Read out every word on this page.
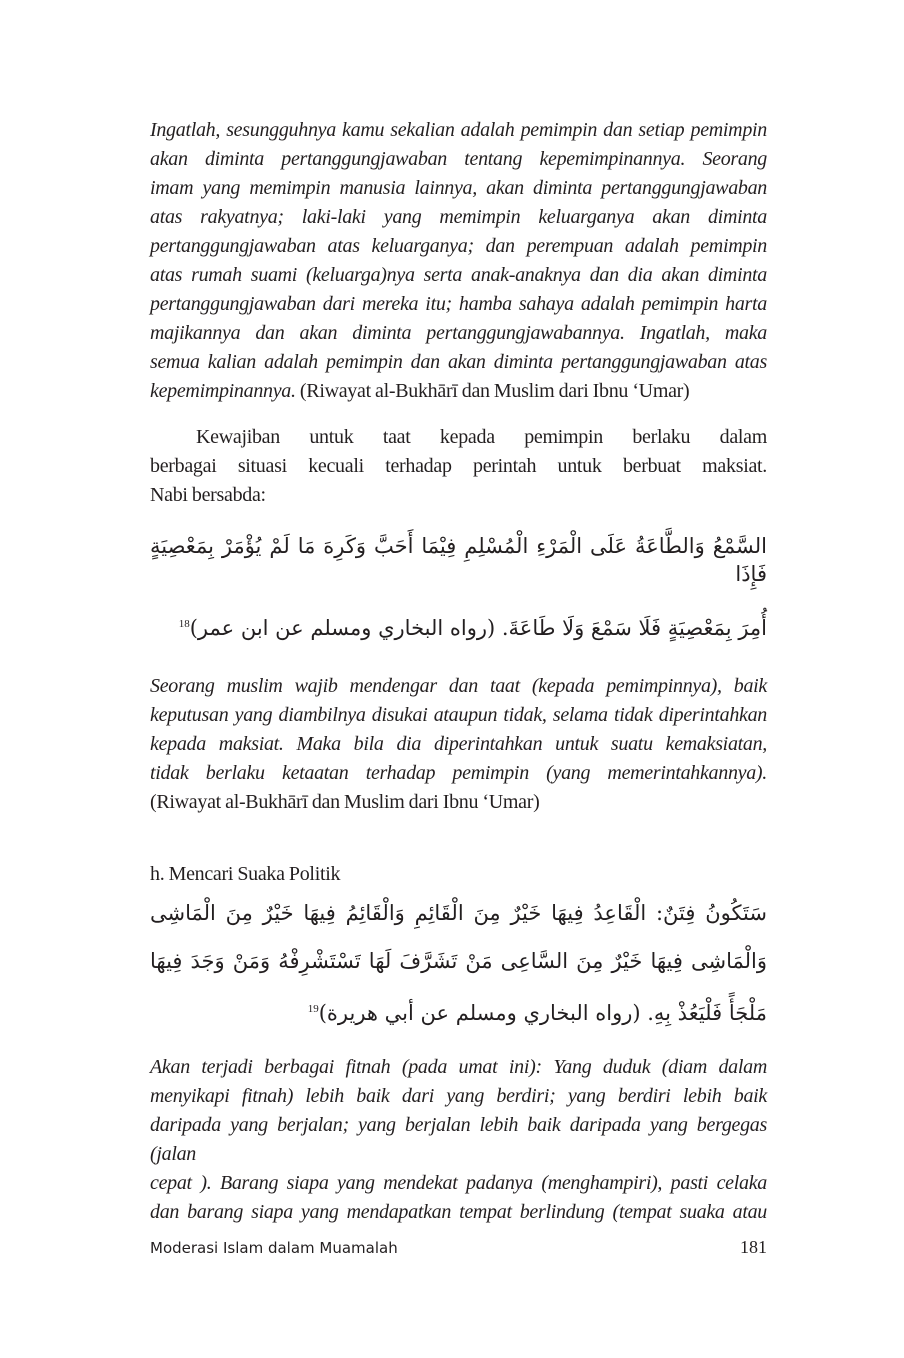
Ingatlah, sesungguhnya kamu sekalian adalah pemimpin dan setiap pemimpin
akan diminta pertanggungjawaban tentang kepemimpinannya. Seorang
imam yang memimpin manusia lainnya, akan diminta pertanggungjawaban
atas rakyatnya; laki-laki yang memimpin keluarganya akan diminta
pertanggungjawaban atas keluarganya; dan perempuan adalah pemimpin
atas rumah suami (keluarga)nya serta anak-anaknya dan dia akan diminta
pertanggungjawaban dari mereka itu; hamba sahaya adalah pemimpin harta
majikannya dan akan diminta pertanggungjawabannya. Ingatlah, maka
semua kalian adalah pemimpin dan akan diminta pertanggungjawaban atas
kepemimpinannya. (Riwayat al-Bukhārī dan Muslim dari Ibnu ‘Umar)
Kewajiban untuk taat kepada pemimpin berlaku dalam
berbagai situasi kecuali terhadap perintah untuk berbuat maksiat.
Nabi bersabda:
السَّمْعُ وَالطَّاعَةُ عَلَى الْمَرْءِ الْمُسْلِمِ فِيْمَا أَحَبَّ وَكَرِهَ مَا لَمْ يُؤْمَرْ بِمَعْصِيَةٍ فَإِذَا
أُمِرَ بِمَعْصِيَةٍ فَلَا سَمْعَ وَلَا طَاعَةَ. (رواه البخاري ومسلم عن ابن عمر)$^{18}$
Seorang muslim wajib mendengar dan taat (kepada pemimpinnya), baik
keputusan yang diambilnya disukai ataupun tidak, selama tidak diperintahkan
kepada maksiat. Maka bila dia diperintahkan untuk suatu kemaksiatan,
tidak berlaku ketaatan terhadap pemimpin (yang memerintahkannya).
(Riwayat al-Bukhārī dan Muslim dari Ibnu ‘Umar)
h. Mencari Suaka Politik
سَتَكُونُ فِتَنٌ: الْقَاعِدُ فِيهَا خَيْرٌ مِنَ الْقَائِمِ وَالْقَائِمُ فِيهَا خَيْرٌ مِنَ الْمَاشِى
وَالْمَاشِى فِيهَا خَيْرٌ مِنَ السَّاعِى مَنْ تَشَرَّفَ لَهَا تَسْتَشْرِفْهُ وَمَنْ وَجَدَ فِيهَا
مَلْجَأً فَلْيَعُذْ بِهِ. (رواه البخاري ومسلم عن أبي هريرة)$^{19}$
Akan terjadi berbagai fitnah (pada umat ini): Yang duduk (diam dalam
menyikapi fitnah) lebih baik dari yang berdiri; yang berdiri lebih baik
daripada yang berjalan; yang berjalan lebih baik daripada yang bergegas (jalan
cepat ). Barang siapa yang mendekat padanya (menghampiri), pasti celaka
dan barang siapa yang mendapatkan tempat berlindung (tempat suaka atau
Moderasi Islam dalam Muamalah	181
